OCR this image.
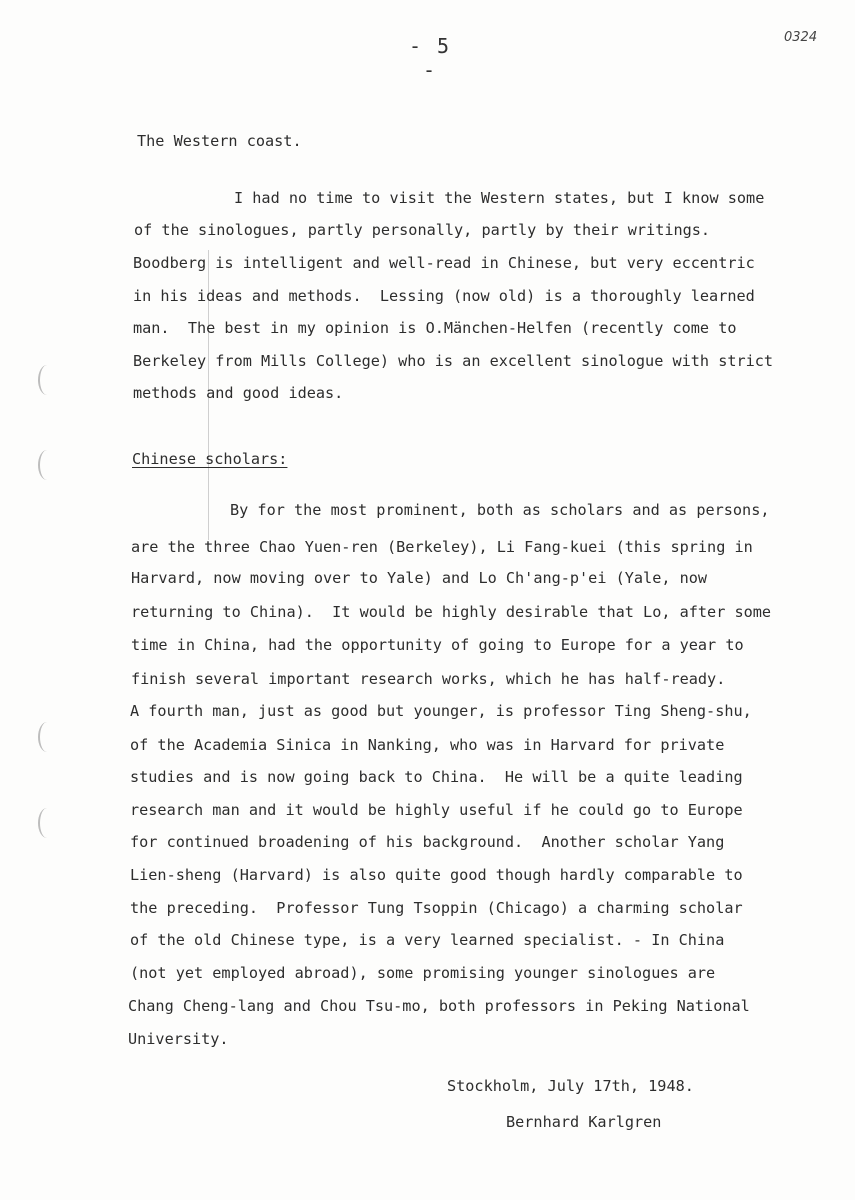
- 5 -
0324
The Western coast.
I had no time to visit the Western states, but I know some
of the sinologues, partly personally, partly by their writings.
Boodberg is intelligent and well-read in Chinese, but very eccentric
in his ideas and methods.  Lessing (now old) is a thoroughly learned
man.  The best in my opinion is O.Mänchen-Helfen (recently come to
Berkeley from Mills College) who is an excellent sinologue with strict
methods and good ideas.
Chinese scholars:
By for the most prominent, both as scholars and as persons,
are the three Chao Yuen-ren (Berkeley), Li Fang-kuei (this spring in
Harvard, now moving over to Yale) and Lo Ch'ang-p'ei (Yale, now
returning to China).  It would be highly desirable that Lo, after some
time in China, had the opportunity of going to Europe for a year to
finish several important research works, which he has half-ready.
A fourth man, just as good but younger, is professor Ting Sheng-shu,
of the Academia Sinica in Nanking, who was in Harvard for private
studies and is now going back to China.  He will be a quite leading
research man and it would be highly useful if he could go to Europe
for continued broadening of his background.  Another scholar Yang
Lien-sheng (Harvard) is also quite good though hardly comparable to
the preceding.  Professor Tung Tsoppin (Chicago) a charming scholar
of the old Chinese type, is a very learned specialist. - In China
(not yet employed abroad), some promising younger sinologues are
Chang Cheng-lang and Chou Tsu-mo, both professors in Peking National
University.
Stockholm, July 17th, 1948.
Bernhard Karlgren
